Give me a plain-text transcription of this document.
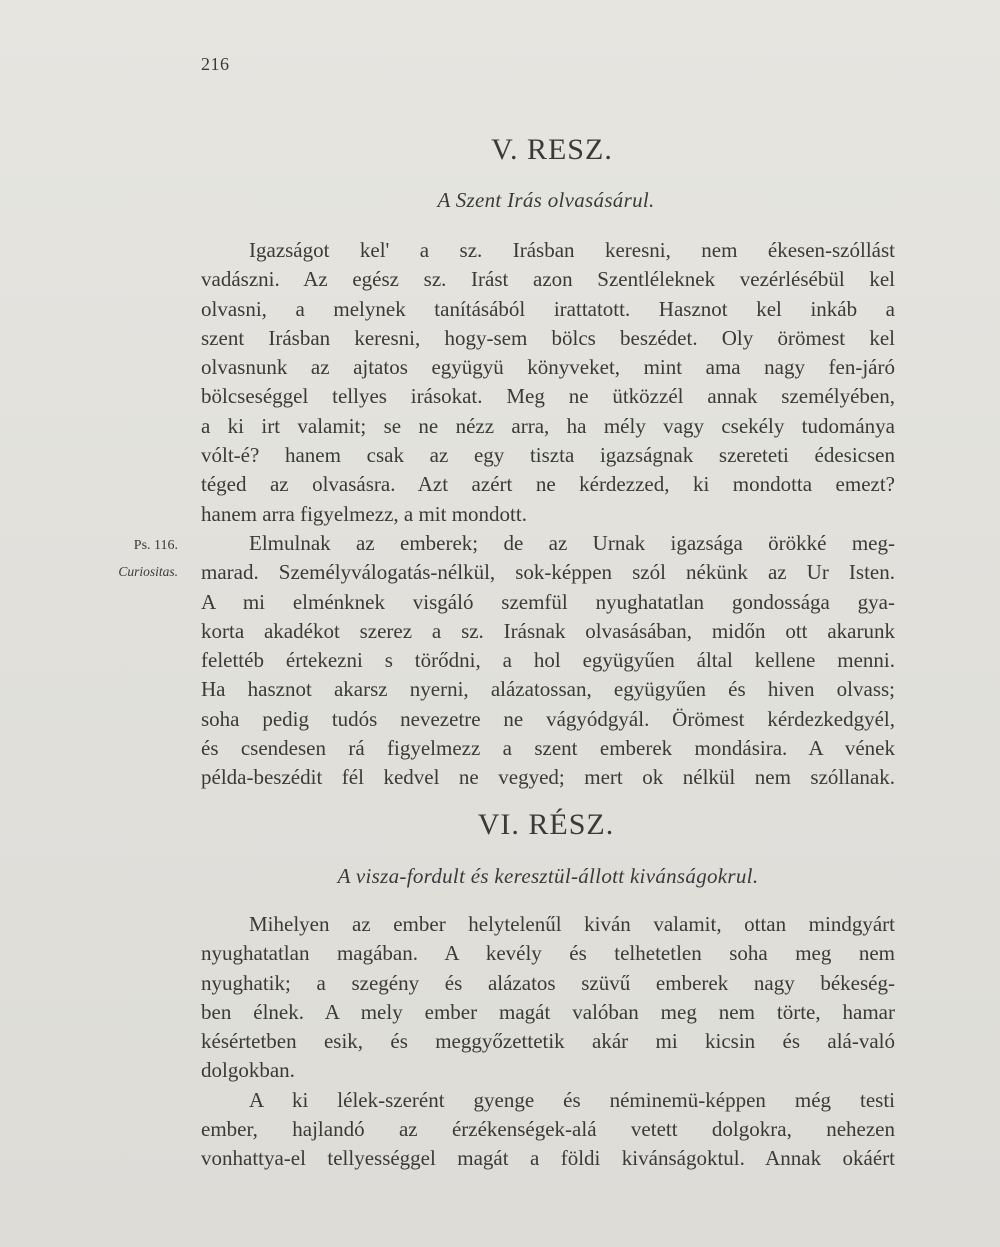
216
V. RESZ.
A Szent Irás olvasásárul.
Igazságot kel' a sz. Irásban keresni, nem ékesen-szóllást
vadászni. Az egész sz. Irást azon Szentléleknek vezérlésébül kel
olvasni, a melynek tanításából irattatott. Hasznot kel inkáb a
szent Irásban keresni, hogy-sem bölcs beszédet. Oly örömest kel
olvasnunk az ajtatos együgyü könyveket, mint ama nagy fen-járó
bölcseséggel tellyes irásokat. Meg ne ütközzél annak személyében,
a ki irt valamit; se ne nézz arra, ha mély vagy csekély tudománya
vólt-é? hanem csak az egy tiszta igazságnak szereteti édesicsen
téged az olvasásra. Azt azért ne kérdezzed, ki mondotta emezt?
hanem arra figyelmezz, a mit mondott.
Elmulnak az emberek; de az Urnak igazsága örökké meg-
marad. Személyválogatás-nélkül, sok-képpen szól nékünk az Ur Isten.
A mi elménknek visgáló szemfül nyughatatlan gondossága gya-
korta akadékot szerez a sz. Irásnak olvasásában, midőn ott akarunk
felettéb értekezni s törődni, a hol együgyűen által kellene menni.
Ha hasznot akarsz nyerni, alázatossan, együgyűen és hiven olvass;
soha pedig tudós nevezetre ne vágyódgyál. Örömest kérdezkedgyél,
és csendesen rá figyelmezz a szent emberek mondásira. A vének
példa-beszédit fél kedvel ne vegyed; mert ok nélkül nem szóllanak.
Ps. 116.
Curiositas.
VI. RÉSZ.
A visza-fordult és keresztül-állott kivánságokrul.
Mihelyen az ember helytelenűl kiván valamit, ottan mindgyárt
nyughatatlan magában. A kevély és telhetetlen soha meg nem
nyughatik; a szegény és alázatos szüvű emberek nagy békeség-
ben élnek. A mely ember magát valóban meg nem törte, hamar
késértetben esik, és meggyőzettetik akár mi kicsin és alá-való
dolgokban.
A ki lélek-szerént gyenge és néminemü-képpen még testi
ember, hajlandó az érzékenségek-alá vetett dolgokra, nehezen
vonhattya-el tellyességgel magát a földi kivánságoktul. Annak okáért
